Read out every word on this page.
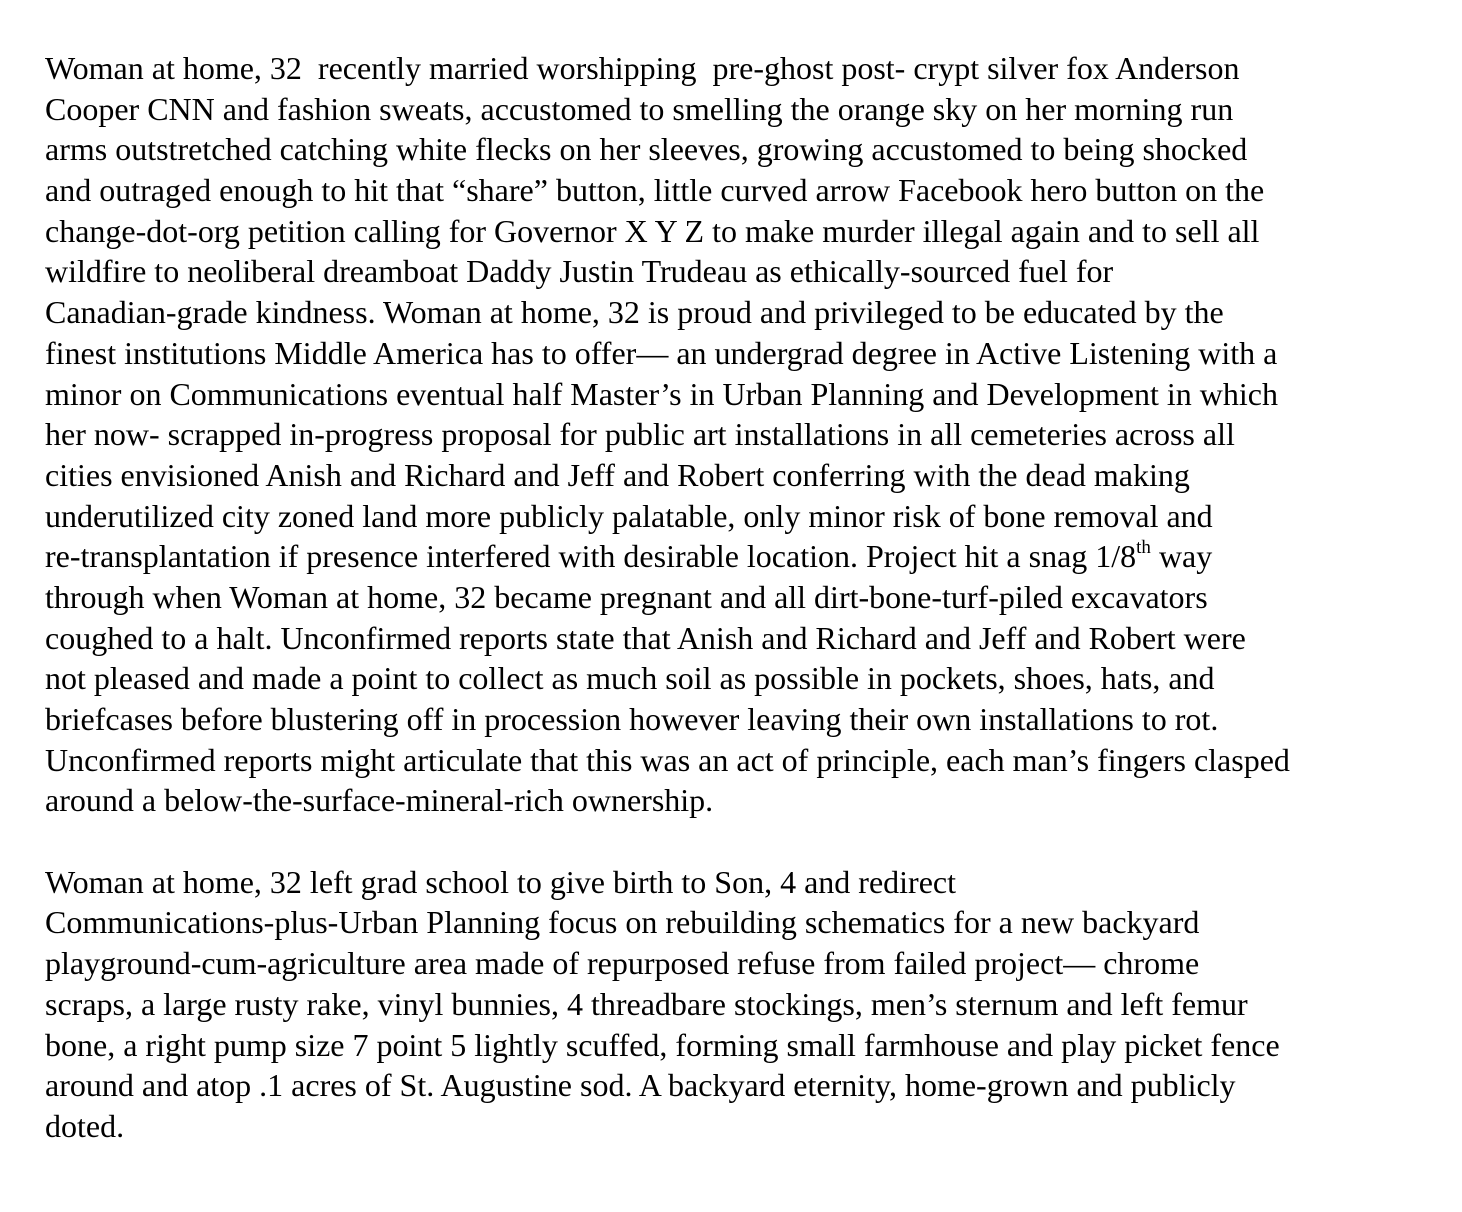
Woman at home, 32  recently married worshipping  pre-ghost post- crypt silver fox Anderson
Cooper CNN and fashion sweats, accustomed to smelling the orange sky on her morning run
arms outstretched catching white flecks on her sleeves, growing accustomed to being shocked
and outraged enough to hit that “share” button, little curved arrow Facebook hero button on the
change-dot-org petition calling for Governor X Y Z to make murder illegal again and to sell all
wildfire to neoliberal dreamboat Daddy Justin Trudeau as ethically-sourced fuel for
Canadian-grade kindness. Woman at home, 32 is proud and privileged to be educated by the
finest institutions Middle America has to offer— an undergrad degree in Active Listening with a
minor on Communications eventual half Master’s in Urban Planning and Development in which
her now- scrapped in-progress proposal for public art installations in all cemeteries across all
cities envisioned Anish and Richard and Jeff and Robert conferring with the dead making
underutilized city zoned land more publicly palatable, only minor risk of bone removal and
re-transplantation if presence interfered with desirable location. Project hit a snag 1/8th way
through when Woman at home, 32 became pregnant and all dirt-bone-turf-piled excavators
coughed to a halt. Unconfirmed reports state that Anish and Richard and Jeff and Robert were
not pleased and made a point to collect as much soil as possible in pockets, shoes, hats, and
briefcases before blustering off in procession however leaving their own installations to rot.
Unconfirmed reports might articulate that this was an act of principle, each man’s fingers clasped
around a below-the-surface-mineral-rich ownership.
Woman at home, 32 left grad school to give birth to Son, 4 and redirect
Communications-plus-Urban Planning focus on rebuilding schematics for a new backyard
playground-cum-agriculture area made of repurposed refuse from failed project— chrome
scraps, a large rusty rake, vinyl bunnies, 4 threadbare stockings, men’s sternum and left femur
bone, a right pump size 7 point 5 lightly scuffed, forming small farmhouse and play picket fence
around and atop .1 acres of St. Augustine sod. A backyard eternity, home-grown and publicly
doted.
